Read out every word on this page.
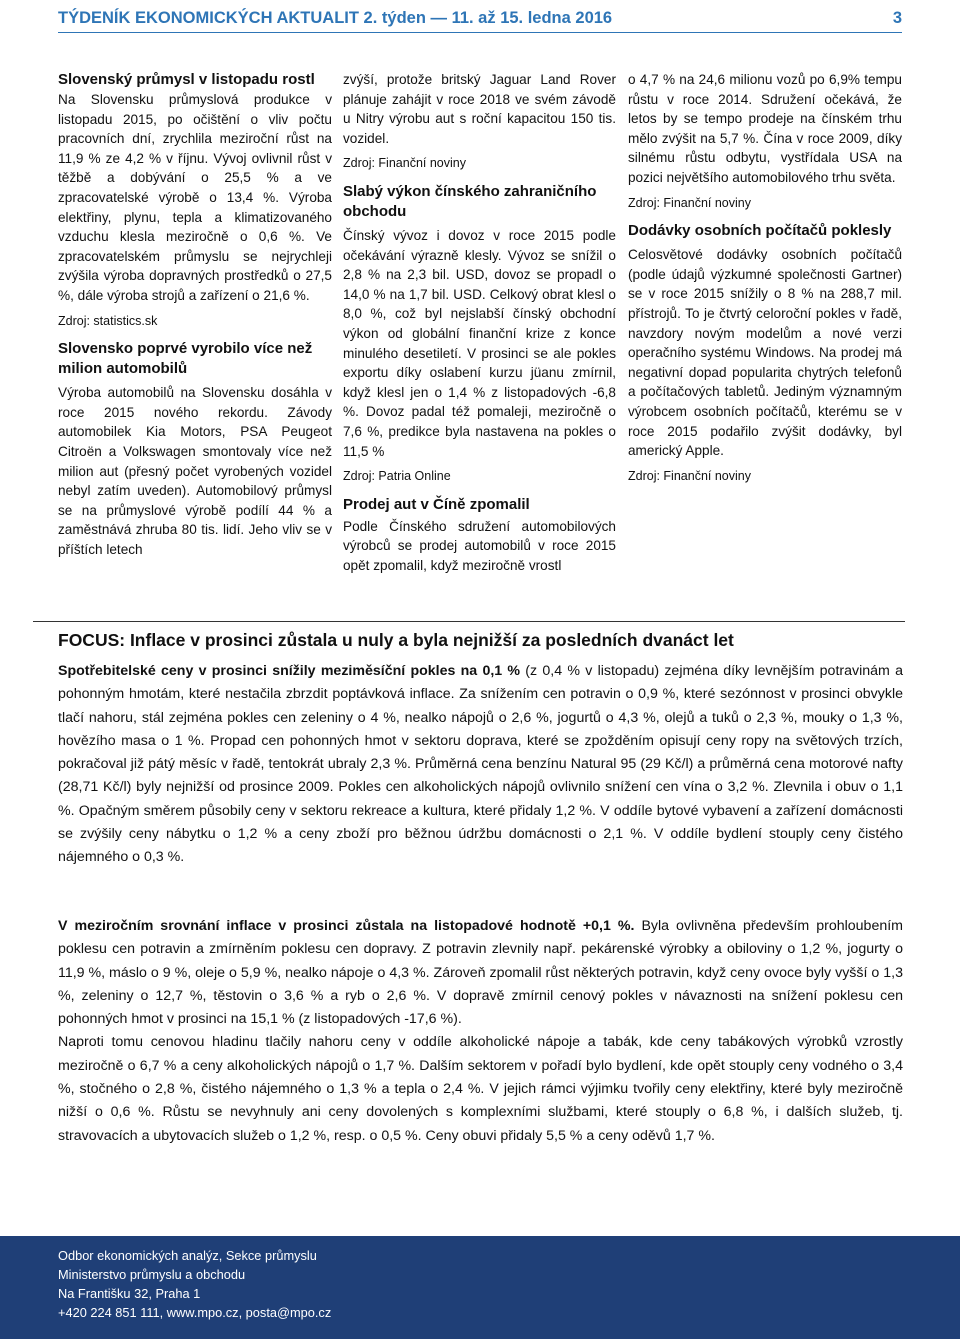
TÝDENÍK EKONOMICKÝCH AKTUALIT 2. týden — 11. až 15. ledna 2016	3
Slovenský průmysl v listopadu rostl

Na Slovensku průmyslová produkce v listopadu 2015, po očištění o vliv počtu pracovních dní, zrychlila meziroční růst na 11,9 % ze 4,2 % v říjnu. Vývoj ovlivnil růst v těžbě a dobývání o 25,5 % a ve zpracovatelské výrobě o 13,4 %. Výroba elektřiny, plynu, tepla a klimatizovaného vzduchu klesla meziročně o 0,6 %. Ve zpracovatelském průmyslu se nejrychleji zvýšila výroba dopravných prostředků o 27,5 %, dále výroba strojů a zařízení o 21,6 %.

Zdroj: statistics.sk

Slovensko poprvé vyrobilo více než milion automobilů

Výroba automobilů na Slovensku dosáhla v roce 2015 nového rekordu. Závody automobilek Kia Motors, PSA Peugeot Citroën a Volkswagen smontovaly více než milion aut (přesný počet vyrobených vozidel nebyl zatím uveden). Automobilový průmysl se na průmyslové výrobě podílí 44 % a zaměstnává zhruba 80 tis. lidí. Jeho vliv se v příštích letech

zvýší, protože britský Jaguar Land Rover plánuje zahájit v roce 2018 ve svém závodě u Nitry výrobu aut s roční kapacitou 150 tis. vozidel.

Zdroj: Finanční noviny

Slabý výkon čínského zahraničního obchodu

Čínský vývoz i dovoz v roce 2015 podle očekávání výrazně klesly. Vývoz se snížil o 2,8 % na 2,3 bil. USD, dovoz se propadl o 14,0 % na 1,7 bil. USD. Celkový obrat klesl o 8,0 %, což byl nejslabší čínský obchodní výkon od globální finanční krize z konce minulého desetiletí. V prosinci se ale pokles exportu díky oslabení kurzu jüanu zmírnil, když klesl jen o 1,4 % z listopadových -6,8 %. Dovoz padal též pomaleji, meziročně o 7,6 %, predikce byla nastavena na pokles o 11,5 %

Zdroj: Patria Online

Prodej aut v Číně zpomalil

Podle Čínského sdružení automobilových výrobců se prodej automobilů v roce 2015 opět zpomalil, když meziročně vrostl

o 4,7 % na 24,6 milionu vozů po 6,9% tempu růstu v roce 2014. Sdružení očekává, že letos by se tempo prodeje na čínském trhu mělo zvýšit na 5,7 %. Čína v roce 2009, díky silnému růstu odbytu, vystřídala USA na pozici největšího automobilového trhu světa.

Zdroj: Finanční noviny

Dodávky osobních počítačů poklesly

Celosvětové dodávky osobních počítačů (podle údajů výzkumné společnosti Gartner) se v roce 2015 snížily o 8 % na 288,7 mil. přístrojů. To je čtvrtý celoroční pokles v řadě, navzdory novým modelům a nové verzi operačního systému Windows. Na prodej má negativní dopad popularita chytrých telefonů a počítačových tabletů. Jediným významným výrobcem osobních počítačů, kterému se v roce 2015 podařilo zvýšit dodávky, byl americký Apple.

Zdroj: Finanční noviny

FOCUS: Inflace v prosinci zůstala u nuly a byla nejnižší za posledních dvanáct let

Spotřebitelské ceny v prosinci snížily meziměsíční pokles na 0,1 % (z 0,4 % v listopadu) zejména díky levnějším potravinám a pohonným hmotám, které nestačila zbrzdit poptávková inflace. Za snížením cen potravin o 0,9 %, které sezónnost v prosinci obvykle tlačí nahoru, stál zejména pokles cen zeleniny o 4 %, nealko nápojů o 2,6 %, jogurtů o 4,3 %, olejů a tuků o 2,3 %, mouky o 1,3 %, hovězího masa o 1 %. Propad cen pohonných hmot v sektoru doprava, které se zpožděním opisují ceny ropy na světových trzích, pokračoval již pátý měsíc v řadě, tentokrát ubraly 2,3 %. Průměrná cena benzínu Natural 95 (29 Kč/l) a průměrná cena motorové nafty (28,71 Kč/l) byly nejnižší od prosince 2009. Pokles cen alkoholických nápojů ovlivnilo snížení cen vína o 3,2 %. Zlevnila i obuv o 1,1 %. Opačným směrem působily ceny v sektoru rekreace a kultura, které přidaly 1,2 %. V oddíle bytové vybavení a zařízení domácnosti se zvýšily ceny nábytku o 1,2 % a ceny zboží pro běžnou údržbu domácnosti o 2,1 %. V oddíle bydlení stouply ceny čistého nájemného o 0,3 %.

V meziročním srovnání inflace v prosinci zůstala na listopadové hodnotě +0,1 %. Byla ovlivněna především prohloubením poklesu cen potravin a zmírněním poklesu cen dopravy. Z potravin zlevnily např. pekárenské výrobky a obiloviny o 1,2 %, jogurty o 11,9 %, máslo o 9 %, oleje o 5,9 %, nealko nápoje o 4,3 %. Zároveň zpomalil růst některých potravin, když ceny ovoce byly vyšší o 1,3 %, zeleniny o 12,7 %, těstovin o 3,6 % a ryb o 2,6 %. V dopravě zmírnil cenový pokles v návaznosti na snížení poklesu cen pohonných hmot v prosinci na 15,1 % (z listopadových -17,6 %).

Naproti tomu cenovou hladinu tlačily nahoru ceny v oddíle alkoholické nápoje a tabák, kde ceny tabákových výrobků vzrostly meziročně o 6,7 % a ceny alkoholických nápojů o 1,7 %. Dalším sektorem v pořadí bylo bydlení, kde opět stouply ceny vodného o 3,4 %, stočného o 2,8 %, čistého nájemného o 1,3 % a tepla o 2,4 %. V jejich rámci výjimku tvořily ceny elektřiny, které byly meziročně nižší o 0,6 %. Růstu se nevyhnuly ani ceny dovolených s komplexními službami, které stouply o 6,8 %, i dalších služeb, tj. stravovacích a ubytovacích služeb o 1,2 %, resp. o 0,5 %. Ceny obuvi přidaly 5,5 % a ceny oděvů 1,7 %.

Odbor ekonomických analýz, Sekce průmyslu
Ministerstvo průmyslu a obchodu
Na Františku 32, Praha 1
+420 224 851 111, www.mpo.cz, posta@mpo.cz
